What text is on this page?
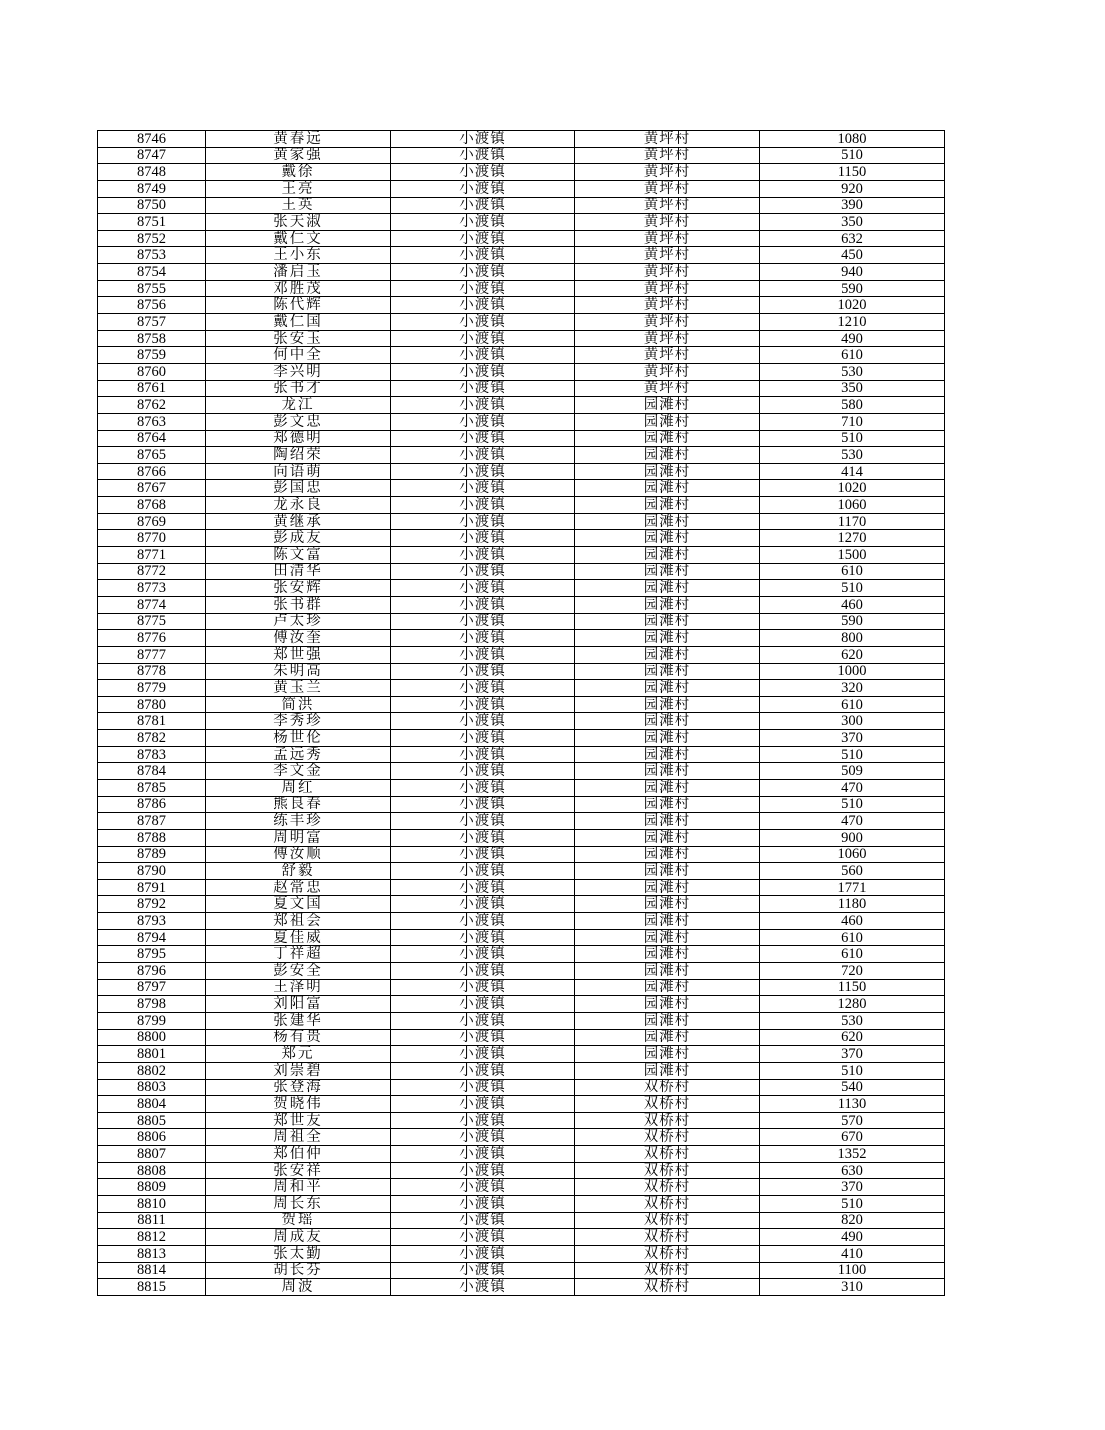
8746	黄春远	小渡镇	黄坪村	1080
8747	黄家强	小渡镇	黄坪村	510
8748	戴徐	小渡镇	黄坪村	1150
8749	王亮	小渡镇	黄坪村	920
8750	王英	小渡镇	黄坪村	390
8751	张天淑	小渡镇	黄坪村	350
8752	戴仁文	小渡镇	黄坪村	632
8753	王小东	小渡镇	黄坪村	450
8754	潘启玉	小渡镇	黄坪村	940
8755	邓胜茂	小渡镇	黄坪村	590
8756	陈代辉	小渡镇	黄坪村	1020
8757	戴仁国	小渡镇	黄坪村	1210
8758	张安玉	小渡镇	黄坪村	490
8759	何中全	小渡镇	黄坪村	610
8760	李兴明	小渡镇	黄坪村	530
8761	张书才	小渡镇	黄坪村	350
8762	龙江	小渡镇	园滩村	580
8763	彭文忠	小渡镇	园滩村	710
8764	郑德明	小渡镇	园滩村	510
8765	陶绍荣	小渡镇	园滩村	530
8766	向语萌	小渡镇	园滩村	414
8767	彭国忠	小渡镇	园滩村	1020
8768	龙永良	小渡镇	园滩村	1060
8769	黄继承	小渡镇	园滩村	1170
8770	彭成友	小渡镇	园滩村	1270
8771	陈文富	小渡镇	园滩村	1500
8772	田清华	小渡镇	园滩村	610
8773	张安辉	小渡镇	园滩村	510
8774	张书群	小渡镇	园滩村	460
8775	卢太珍	小渡镇	园滩村	590
8776	傅汝奎	小渡镇	园滩村	800
8777	郑世强	小渡镇	园滩村	620
8778	朱明高	小渡镇	园滩村	1000
8779	黄玉兰	小渡镇	园滩村	320
8780	简洪	小渡镇	园滩村	610
8781	李秀珍	小渡镇	园滩村	300
8782	杨世伦	小渡镇	园滩村	370
8783	孟远秀	小渡镇	园滩村	510
8784	李文金	小渡镇	园滩村	509
8785	周红	小渡镇	园滩村	470
8786	熊良春	小渡镇	园滩村	510
8787	练丰珍	小渡镇	园滩村	470
8788	周明富	小渡镇	园滩村	900
8789	傅汝顺	小渡镇	园滩村	1060
8790	舒毅	小渡镇	园滩村	560
8791	赵常忠	小渡镇	园滩村	1771
8792	夏文国	小渡镇	园滩村	1180
8793	郑祖会	小渡镇	园滩村	460
8794	夏佳威	小渡镇	园滩村	610
8795	丁祥超	小渡镇	园滩村	610
8796	彭安全	小渡镇	园滩村	720
8797	王泽明	小渡镇	园滩村	1150
8798	刘阳富	小渡镇	园滩村	1280
8799	张建华	小渡镇	园滩村	530
8800	杨有贵	小渡镇	园滩村	620
8801	郑元	小渡镇	园滩村	370
8802	刘崇碧	小渡镇	园滩村	510
8803	张登海	小渡镇	双桥村	540
8804	贺晓伟	小渡镇	双桥村	1130
8805	郑世友	小渡镇	双桥村	570
8806	周祖全	小渡镇	双桥村	670
8807	郑伯仲	小渡镇	双桥村	1352
8808	张安祥	小渡镇	双桥村	630
8809	周和平	小渡镇	双桥村	370
8810	周长东	小渡镇	双桥村	510
8811	贺瑶	小渡镇	双桥村	820
8812	周成友	小渡镇	双桥村	490
8813	张太勤	小渡镇	双桥村	410
8814	胡长芬	小渡镇	双桥村	1100
8815	周波	小渡镇	双桥村	310
